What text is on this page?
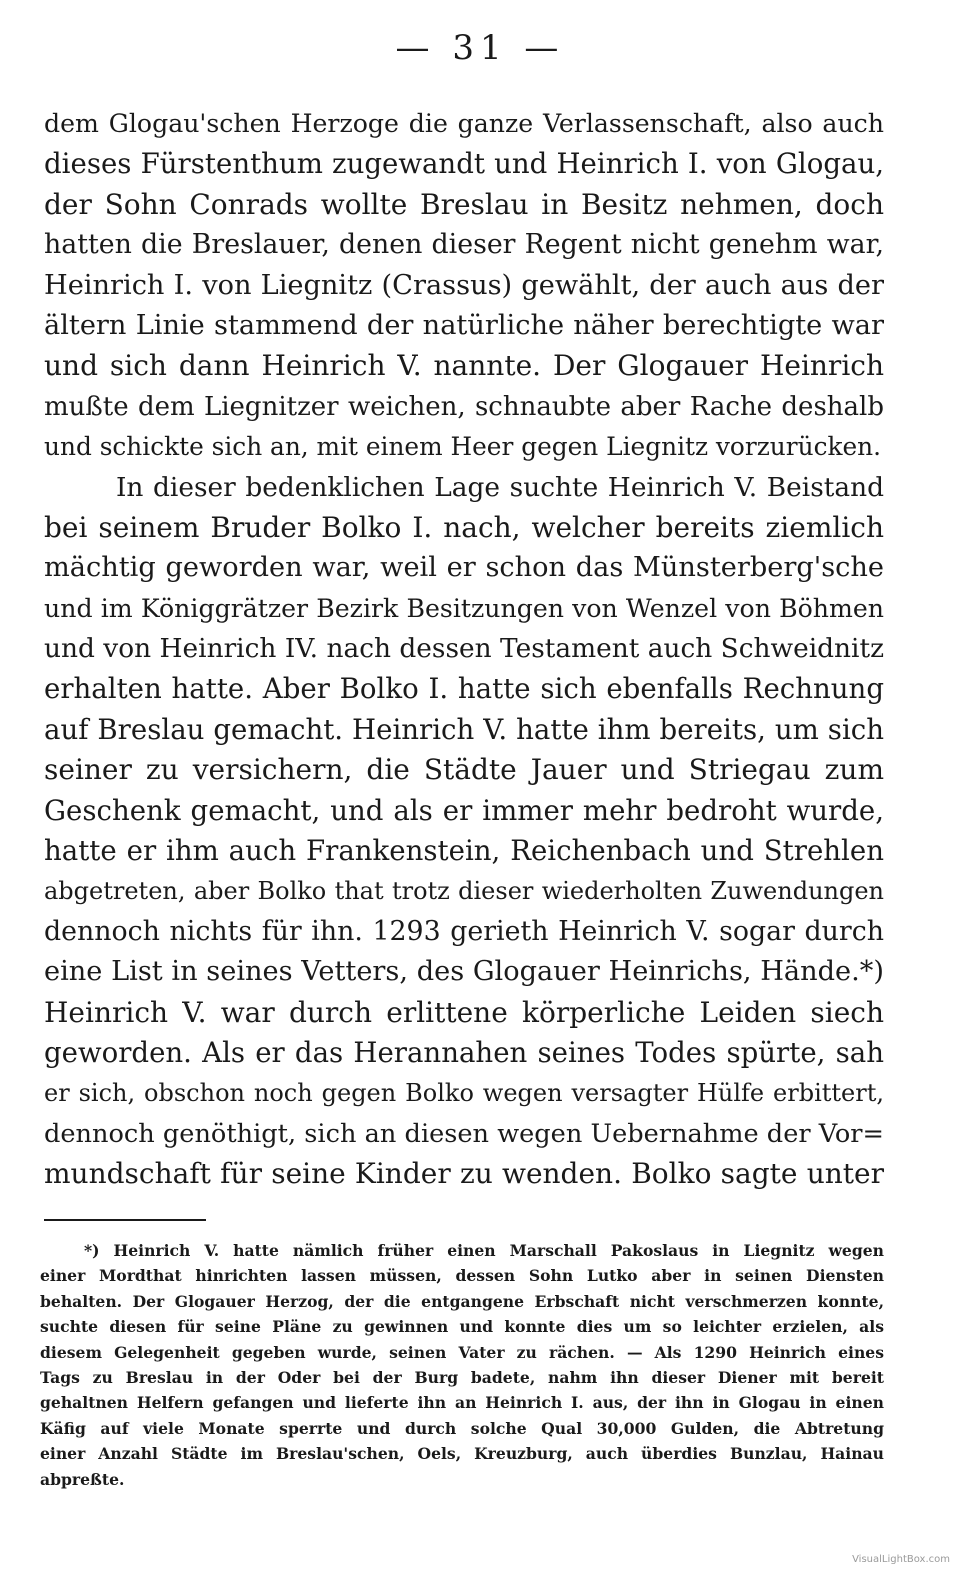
— 31 —
dem Glogau'schen Herzoge die ganze Verlassenschaft, also auch
dieses Fürstenthum zugewandt und Heinrich I. von Glogau,
der Sohn Conrads wollte Breslau in Besitz nehmen, doch
hatten die Breslauer, denen dieser Regent nicht genehm war,
Heinrich I. von Liegnitz (Crassus) gewählt, der auch aus der
ältern Linie stammend der natürliche näher berechtigte war
und sich dann Heinrich V. nannte. Der Glogauer Heinrich
mußte dem Liegnitzer weichen, schnaubte aber Rache deshalb
und schickte sich an, mit einem Heer gegen Liegnitz vorzurücken.
In dieser bedenklichen Lage suchte Heinrich V. Beistand
bei seinem Bruder Bolko I. nach, welcher bereits ziemlich
mächtig geworden war, weil er schon das Münsterberg'sche
und im Königgrätzer Bezirk Besitzungen von Wenzel von Böhmen
und von Heinrich IV. nach dessen Testament auch Schweidnitz
erhalten hatte. Aber Bolko I. hatte sich ebenfalls Rechnung
auf Breslau gemacht. Heinrich V. hatte ihm bereits, um sich
seiner zu versichern, die Städte Jauer und Striegau zum
Geschenk gemacht, und als er immer mehr bedroht wurde,
hatte er ihm auch Frankenstein, Reichenbach und Strehlen
abgetreten, aber Bolko that trotz dieser wiederholten Zuwendungen
dennoch nichts für ihn. 1293 gerieth Heinrich V. sogar durch
eine List in seines Vetters, des Glogauer Heinrichs, Hände.*)
Heinrich V. war durch erlittene körperliche Leiden siech
geworden. Als er das Herannahen seines Todes spürte, sah
er sich, obschon noch gegen Bolko wegen versagter Hülfe erbittert,
dennoch genöthigt, sich an diesen wegen Uebernahme der Vor=
mundschaft für seine Kinder zu wenden. Bolko sagte unter
*) Heinrich V. hatte nämlich früher einen Marschall Pakoslaus in Liegnitz wegen
einer Mordthat hinrichten lassen müssen, dessen Sohn Lutko aber in seinen Diensten
behalten. Der Glogauer Herzog, der die entgangene Erbschaft nicht verschmerzen konnte,
suchte diesen für seine Pläne zu gewinnen und konnte dies um so leichter erzielen, als
diesem Gelegenheit gegeben wurde, seinen Vater zu rächen. — Als 1290 Heinrich eines
Tags zu Breslau in der Oder bei der Burg badete, nahm ihn dieser Diener mit bereit
gehaltnen Helfern gefangen und lieferte ihn an Heinrich I. aus, der ihn in Glogau in einen
Käfig auf viele Monate sperrte und durch solche Qual 30,000 Gulden, die Abtretung
einer Anzahl Städte im Breslau'schen, Oels, Kreuzburg, auch überdies Bunzlau, Hainau
abpreßte.
VisualLightBox.com
